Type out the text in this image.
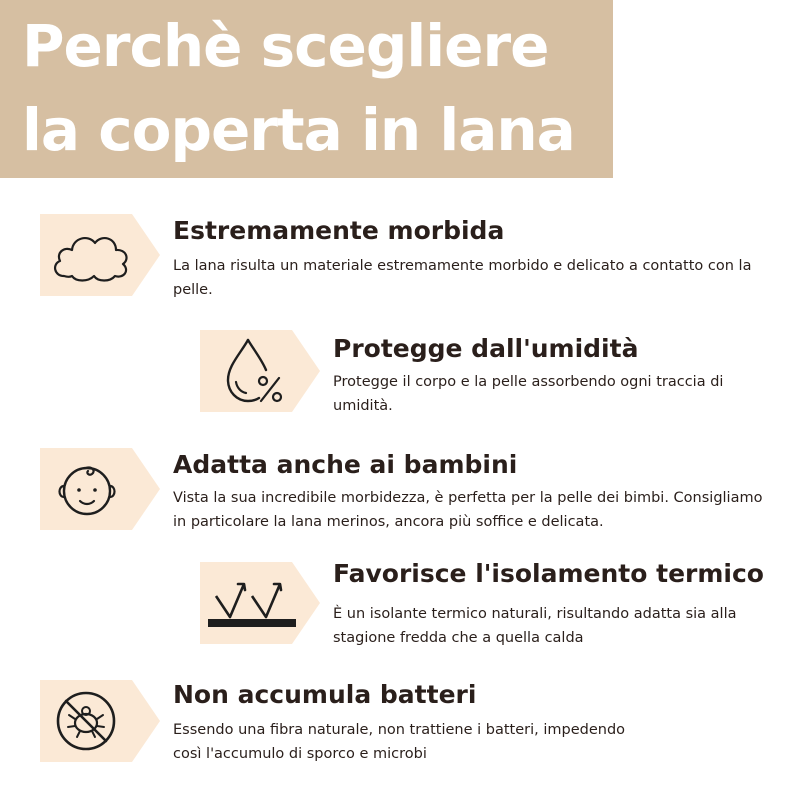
Perchè scegliere
la coperta in lana
Estremamente morbida

La lana risulta un materiale estremamente morbido e delicato a contatto con la pelle.

Protegge dall'umidità

Protegge il corpo e la pelle assorbendo ogni traccia di umidità.

Adatta anche ai bambini

Vista la sua incredibile morbidezza, è perfetta per la pelle dei bimbi. Consigliamo in particolare la lana merinos, ancora più soffice e delicata.

Favorisce l'isolamento termico

È un isolante termico naturali, risultando adatta sia alla stagione fredda che a quella calda

Non accumula batteri

Essendo una fibra naturale, non trattiene i batteri, impedendo così l'accumulo di sporco e microbi
